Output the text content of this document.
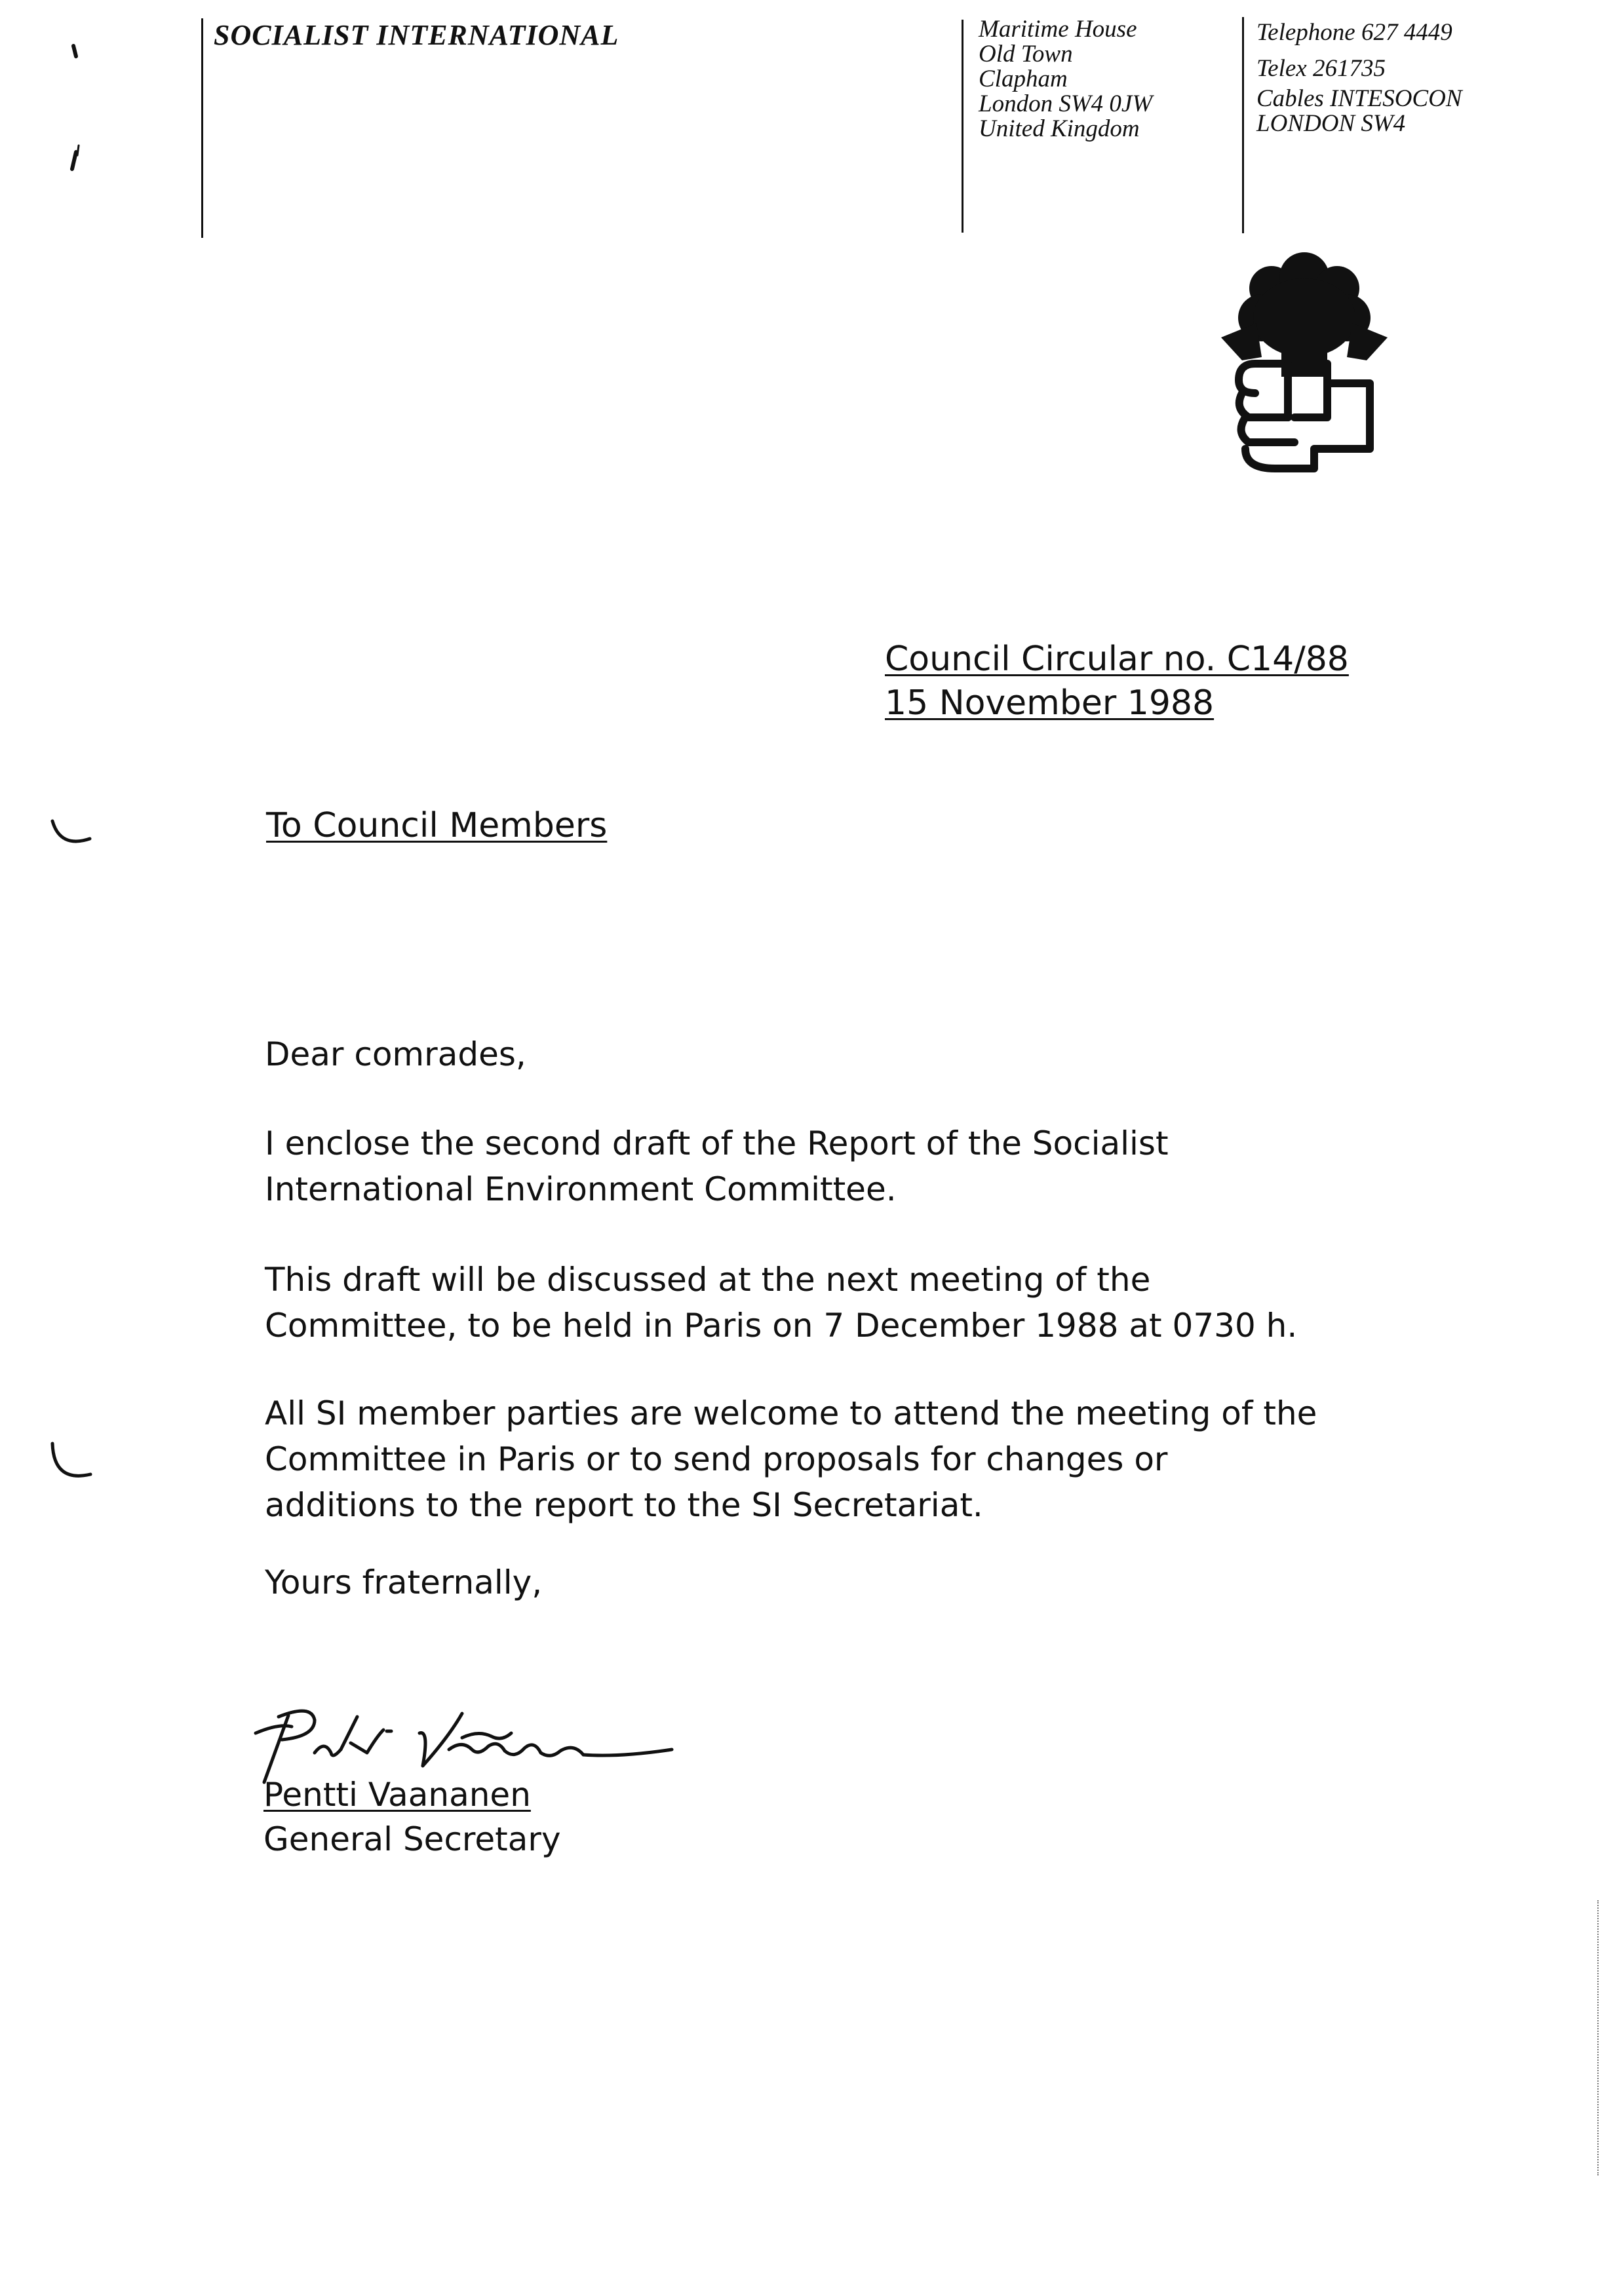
SOCIALIST INTERNATIONAL	Maritime House
Old Town
Clapham
London SW4 0JW
United Kingdom
Telephone 627 4449
Telex 261735
Cables INTESOCON
LONDON SW4
Council Circular no. C14/88
15 November 1988
To Council Members

Dear comrades,

I enclose the second draft of the Report of the Socialist International Environment Committee.

This draft will be discussed at the next meeting of the Committee, to be held in Paris on 7 December 1988 at 0730 h.

All SI member parties are welcome to attend the meeting of the Committee in Paris or to send proposals for changes or additions to the report to the SI Secretariat.

Yours fraternally,

Pentti Vaananen
General Secretary
